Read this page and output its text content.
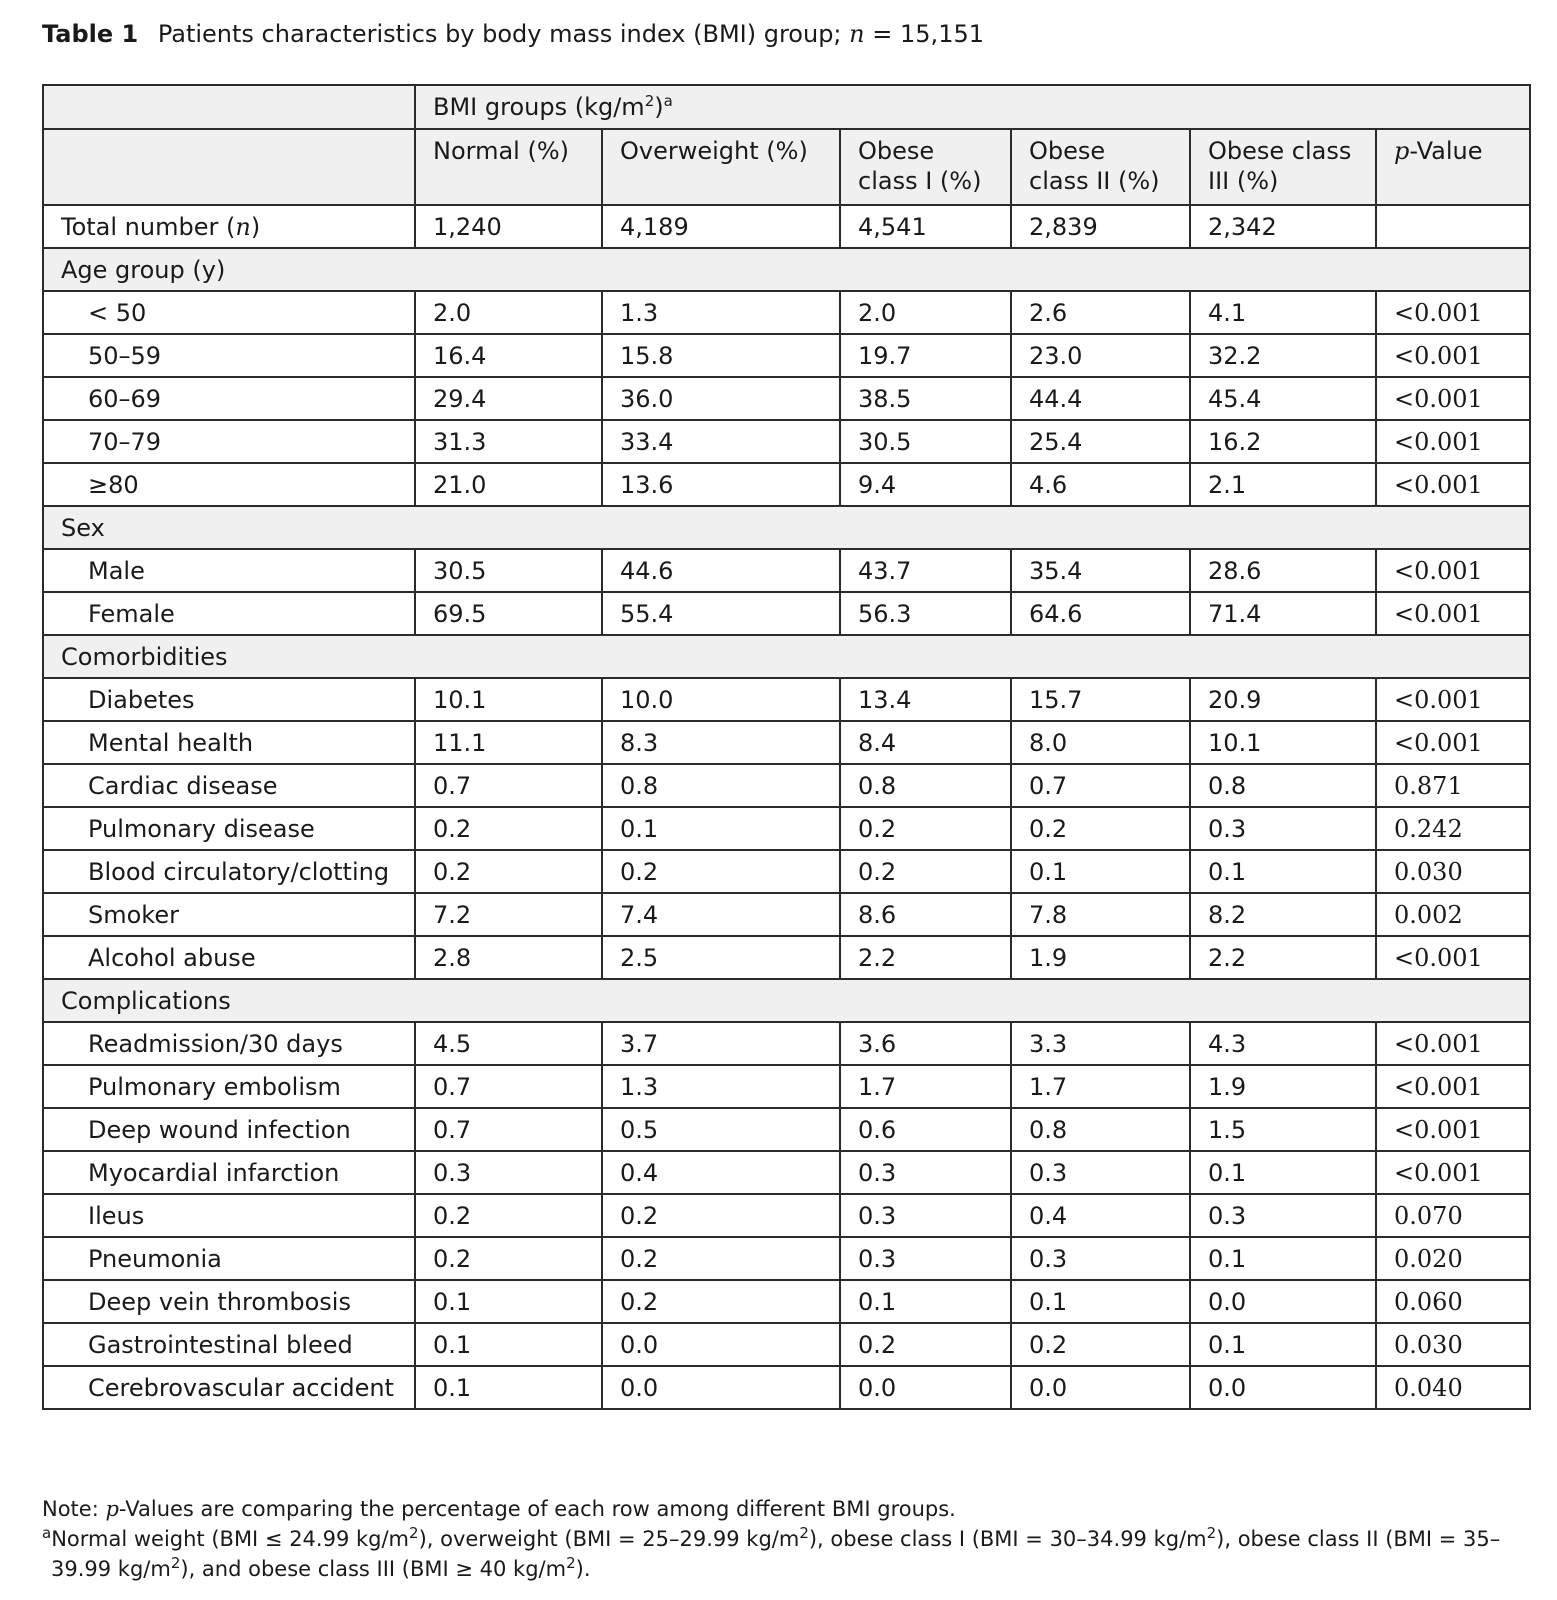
Table 1 Patients characteristics by body mass index (BMI) group; n = 15,151
	BMI groups $(kg/m^2)^a$
	Normal (%)	Overweight (%)	Obese class I (%)	Obese class II (%)	Obese class III (%)	p-Value
Total number (n)	1,240	4,189	4,541	2,839	2,342	
Age group (y)						
< 50	2.0	1.3	2.0	2.6	4.1	<0.001
50–59	16.4	15.8	19.7	23.0	32.2	<0.001
60–69	29.4	36.0	38.5	44.4	45.4	<0.001
70–79	31.3	33.4	30.5	25.4	16.2	<0.001
≥80	21.0	13.6	9.4	4.6	2.1	<0.001
Sex						
Male	30.5	44.6	43.7	35.4	28.6	<0.001
Female	69.5	55.4	56.3	64.6	71.4	<0.001
Comorbidities						
Diabetes	10.1	10.0	13.4	15.7	20.9	<0.001
Mental health	11.1	8.3	8.4	8.0	10.1	<0.001
Cardiac disease	0.7	0.8	0.8	0.7	0.8	0.871
Pulmonary disease	0.2	0.1	0.2	0.2	0.3	0.242
Blood circulatory/clotting	0.2	0.2	0.2	0.1	0.1	0.030
Smoker	7.2	7.4	8.6	7.8	8.2	0.002
Alcohol abuse	2.8	2.5	2.2	1.9	2.2	<0.001
Complications						
Readmission/30 days	4.5	3.7	3.6	3.3	4.3	<0.001
Pulmonary embolism	0.7	1.3	1.7	1.7	1.9	<0.001
Deep wound infection	0.7	0.5	0.6	0.8	1.5	<0.001
Myocardial infarction	0.3	0.4	0.3	0.3	0.1	<0.001
Ileus	0.2	0.2	0.3	0.4	0.3	0.070
Pneumonia	0.2	0.2	0.3	0.3	0.1	0.020
Deep vein thrombosis	0.1	0.2	0.1	0.1	0.0	0.060
Gastrointestinal bleed	0.1	0.0	0.2	0.2	0.1	0.030
Cerebrovascular accident	0.1	0.0	0.0	0.0	0.0	0.040
Note: p-Values are comparing the percentage of each row among different BMI groups.
$^a$Normal weight (BMI ≤ 24.99 $kg/m^2$), overweight (BMI = 25–29.99 $kg/m^2$), obese class I (BMI = 30–34.99 $kg/m^2$), obese class II (BMI = 35–39.99 $kg/m^2$), and obese class III (BMI ≥ 40 $kg/m^2$).
